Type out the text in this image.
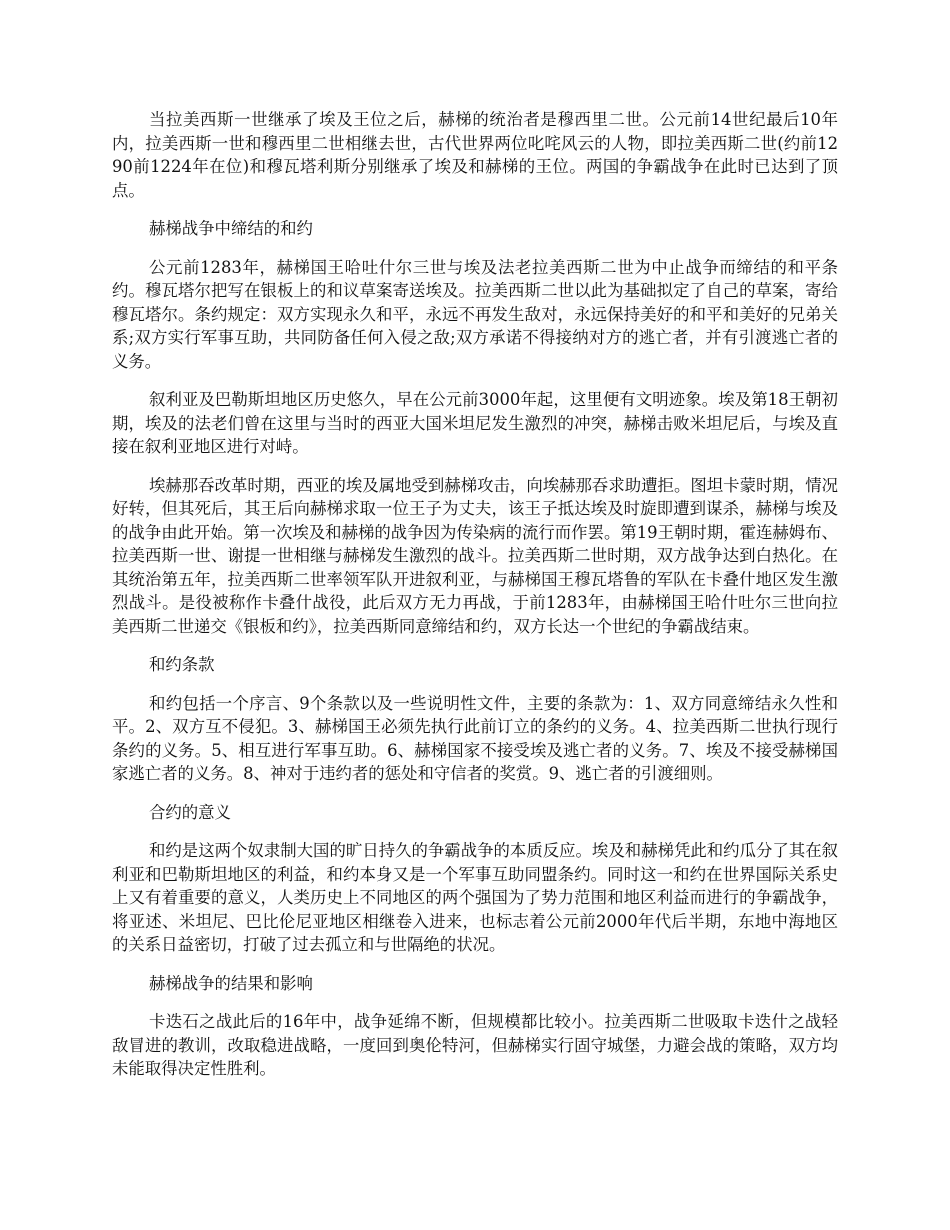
当拉美西斯一世继承了埃及王位之后，赫梯的统治者是穆西里二世。公元前14世纪最后10年内，拉美西斯一世和穆西里二世相继去世，古代世界两位叱咤风云的人物，即拉美西斯二世(约前1290前1224年在位)和穆瓦塔利斯分别继承了埃及和赫梯的王位。两国的争霸战争在此时已达到了顶点。

赫梯战争中缔结的和约

公元前1283年，赫梯国王哈吐什尔三世与埃及法老拉美西斯二世为中止战争而缔结的和平条约。穆瓦塔尔把写在银板上的和议草案寄送埃及。拉美西斯二世以此为基础拟定了自己的草案，寄给穆瓦塔尔。条约规定：双方实现永久和平，永远不再发生敌对，永远保持美好的和平和美好的兄弟关系;双方实行军事互助，共同防备任何入侵之敌;双方承诺不得接纳对方的逃亡者，并有引渡逃亡者的义务。

叙利亚及巴勒斯坦地区历史悠久，早在公元前3000年起，这里便有文明迹象。埃及第18王朝初期，埃及的法老们曾在这里与当时的西亚大国米坦尼发生激烈的冲突，赫梯击败米坦尼后，与埃及直接在叙利亚地区进行对峙。

埃赫那吞改革时期，西亚的埃及属地受到赫梯攻击，向埃赫那吞求助遭拒。图坦卡蒙时期，情况好转，但其死后，其王后向赫梯求取一位王子为丈夫，该王子抵达埃及时旋即遭到谋杀，赫梯与埃及的战争由此开始。第一次埃及和赫梯的战争因为传染病的流行而作罢。第19王朝时期，霍连赫姆布、拉美西斯一世、谢提一世相继与赫梯发生激烈的战斗。拉美西斯二世时期，双方战争达到白热化。在其统治第五年，拉美西斯二世率领军队开进叙利亚，与赫梯国王穆瓦塔鲁的军队在卡叠什地区发生激烈战斗。是役被称作卡叠什战役，此后双方无力再战，于前1283年，由赫梯国王哈什吐尔三世向拉美西斯二世递交《银板和约》，拉美西斯同意缔结和约，双方长达一个世纪的争霸战结束。

和约条款

和约包括一个序言、9个条款以及一些说明性文件，主要的条款为：1、双方同意缔结永久性和平。2、双方互不侵犯。3、赫梯国王必须先执行此前订立的条约的义务。4、拉美西斯二世执行现行条约的义务。5、相互进行军事互助。6、赫梯国家不接受埃及逃亡者的义务。7、埃及不接受赫梯国家逃亡者的义务。8、神对于违约者的惩处和守信者的奖赏。9、逃亡者的引渡细则。

合约的意义

和约是这两个奴隶制大国的旷日持久的争霸战争的本质反应。埃及和赫梯凭此和约瓜分了其在叙利亚和巴勒斯坦地区的利益，和约本身又是一个军事互助同盟条约。同时这一和约在世界国际关系史上又有着重要的意义，人类历史上不同地区的两个强国为了势力范围和地区利益而进行的争霸战争，将亚述、米坦尼、巴比伦尼亚地区相继卷入进来，也标志着公元前2000年代后半期，东地中海地区的关系日益密切，打破了过去孤立和与世隔绝的状况。

赫梯战争的结果和影响

卡迭石之战此后的16年中，战争延绵不断，但规模都比较小。拉美西斯二世吸取卡迭什之战轻敌冒进的教训，改取稳进战略，一度回到奥伦特河，但赫梯实行固守城堡，力避会战的策略，双方均未能取得决定性胜利。
